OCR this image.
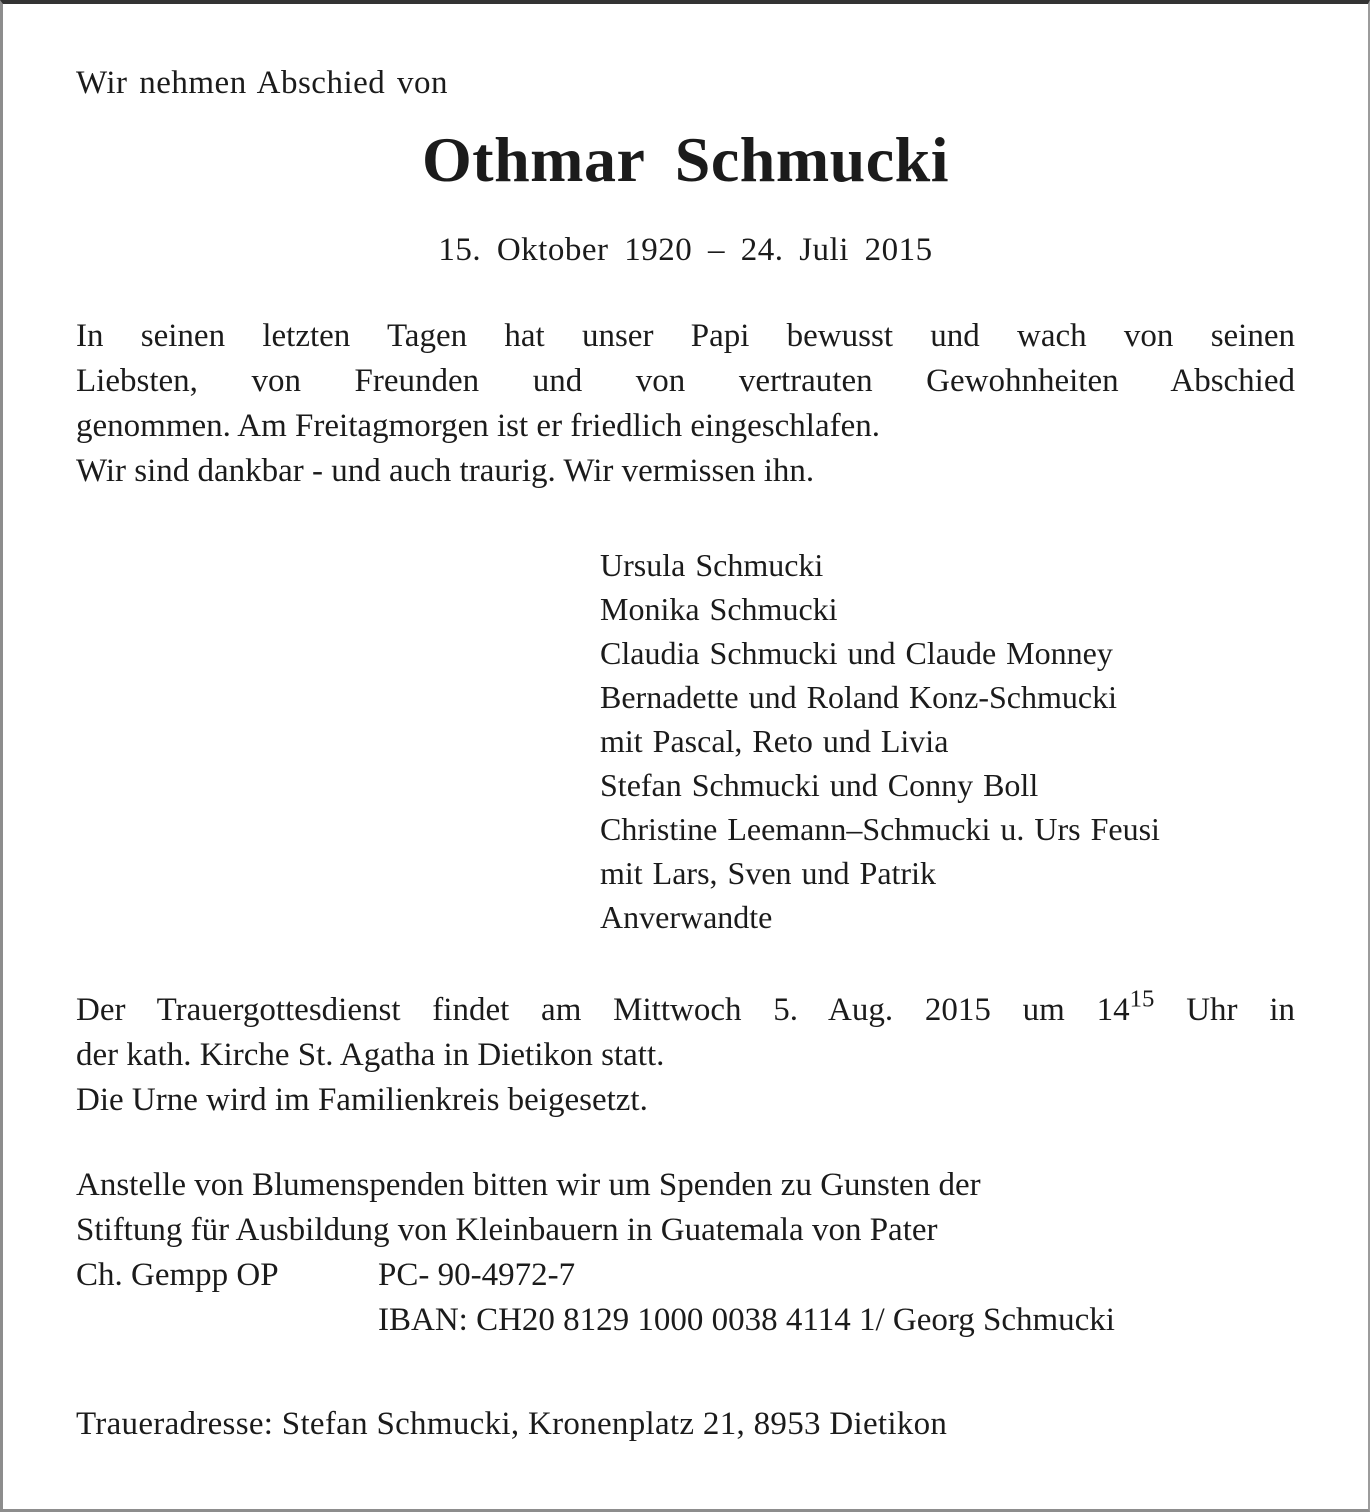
Wir nehmen Abschied von
Othmar Schmucki
15. Oktober 1920 – 24. Juli 2015
In seinen letzten Tagen hat unser Papi bewusst und wach von seinen
Liebsten, von Freunden und von vertrauten Gewohnheiten Abschied
genommen. Am Freitagmorgen ist er friedlich eingeschlafen.
Wir sind dankbar - und auch traurig. Wir vermissen ihn.
Ursula Schmucki
Monika Schmucki
Claudia Schmucki und Claude Monney
Bernadette und Roland Konz-Schmucki
mit Pascal, Reto und Livia
Stefan Schmucki und Conny Boll
Christine Leemann–Schmucki u. Urs Feusi
mit Lars, Sven und Patrik
Anverwandte
Der Trauergottesdienst findet am Mittwoch 5. Aug. 2015 um $14^{15}$ Uhr in
der kath. Kirche St. Agatha in Dietikon statt.
Die Urne wird im Familienkreis beigesetzt.
Anstelle von Blumenspenden bitten wir um Spenden zu Gunsten der
Stiftung für Ausbildung von Kleinbauern in Guatemala von Pater
Ch. Gempp OP	PC- 90-4972-7
IBAN: CH20 8129 1000 0038 4114 1/ Georg Schmucki
Traueradresse: Stefan Schmucki, Kronenplatz 21, 8953 Dietikon
